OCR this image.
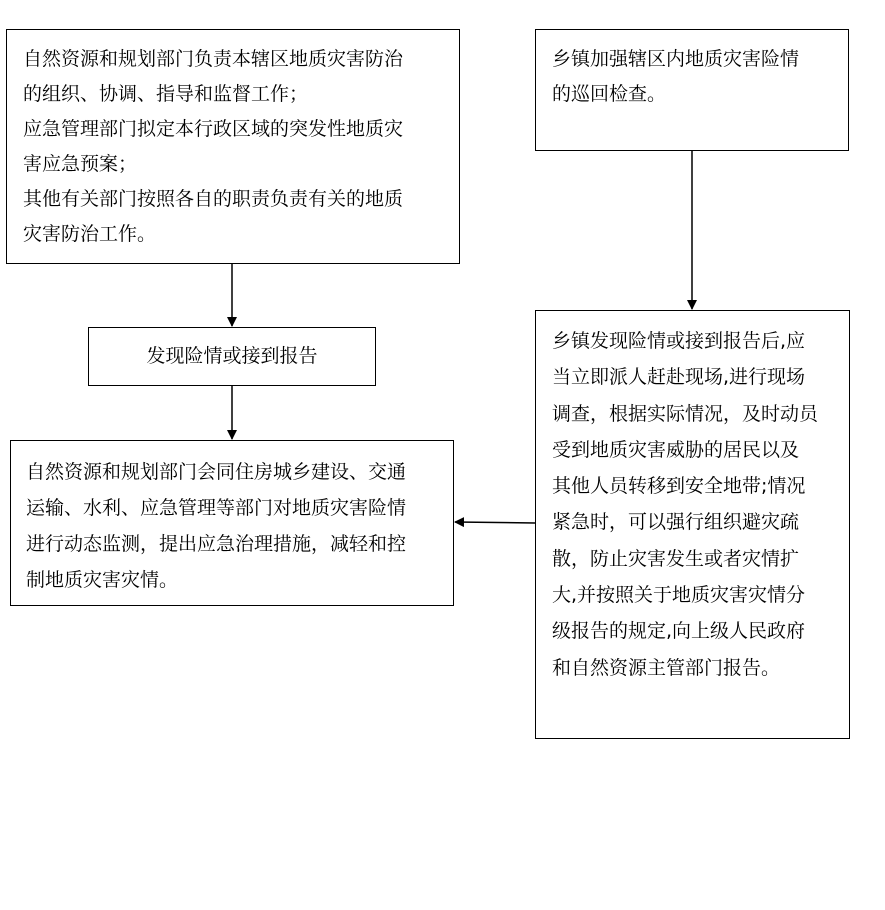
自然资源和规划部门负责本辖区地质灾害防治
的组织、协调、指导和监督工作；
应急管理部门拟定本行政区域的突发性地质灾
害应急预案；
其他有关部门按照各自的职责负责有关的地质
灾害防治工作。
乡镇加强辖区内地质灾害险情
的巡回检查。
发现险情或接到报告
自然资源和规划部门会同住房城乡建设、交通
运输、水利、应急管理等部门对地质灾害险情
进行动态监测，提出应急治理措施，减轻和控
制地质灾害灾情。
乡镇发现险情或接到报告后,应
当立即派人赶赴现场,进行现场
调查，根据实际情况，及时动员
受到地质灾害威胁的居民以及
其他人员转移到安全地带;情况
紧急时，可以强行组织避灾疏
散，防止灾害发生或者灾情扩
大,并按照关于地质灾害灾情分
级报告的规定,向上级人民政府
和自然资源主管部门报告。
